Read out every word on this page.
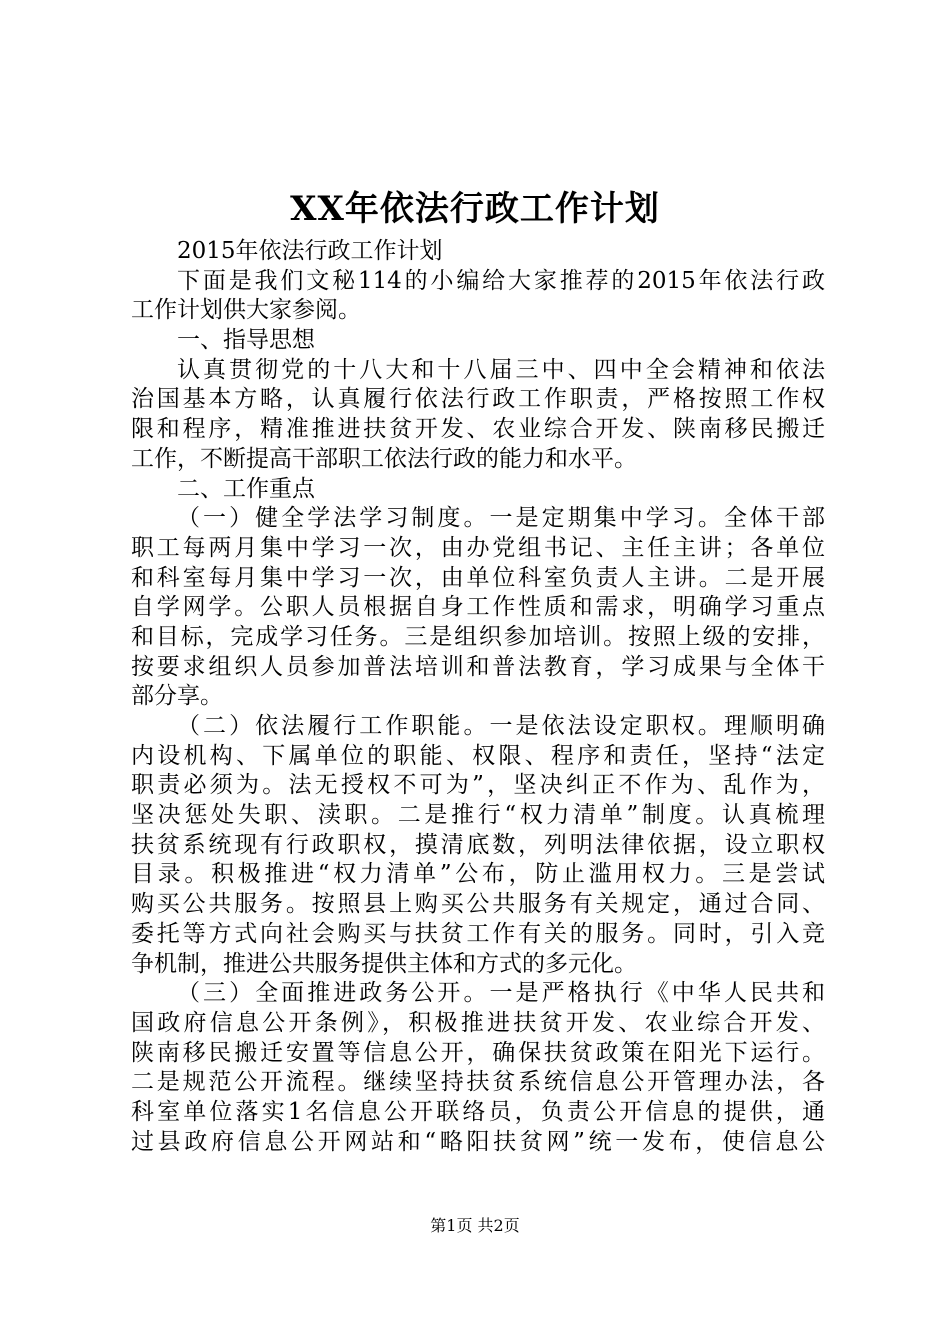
XX年依法行政工作计划
2015年依法行政工作计划
下面是我们文秘114的小编给大家推荐的2015年依法行政
工作计划供大家参阅。
一、指导思想
认真贯彻党的十八大和十八届三中、四中全会精神和依法
治国基本方略，认真履行依法行政工作职责，严格按照工作权
限和程序，精准推进扶贫开发、农业综合开发、陕南移民搬迁
工作，不断提高干部职工依法行政的能力和水平。
二、工作重点
（一）健全学法学习制度。一是定期集中学习。全体干部
职工每两月集中学习一次，由办党组书记、主任主讲；各单位
和科室每月集中学习一次，由单位科室负责人主讲。二是开展
自学网学。公职人员根据自身工作性质和需求，明确学习重点
和目标，完成学习任务。三是组织参加培训。按照上级的安排，
按要求组织人员参加普法培训和普法教育，学习成果与全体干
部分享。
（二）依法履行工作职能。一是依法设定职权。理顺明确
内设机构、下属单位的职能、权限、程序和责任，坚持“法定
职责必须为。法无授权不可为”，坚决纠正不作为、乱作为，
坚决惩处失职、渎职。二是推行“权力清单”制度。认真梳理
扶贫系统现有行政职权，摸清底数，列明法律依据，设立职权
目录。积极推进“权力清单”公布，防止滥用权力。三是尝试
购买公共服务。按照县上购买公共服务有关规定，通过合同、
委托等方式向社会购买与扶贫工作有关的服务。同时，引入竞
争机制，推进公共服务提供主体和方式的多元化。
（三）全面推进政务公开。一是严格执行《中华人民共和
国政府信息公开条例》，积极推进扶贫开发、农业综合开发、
陕南移民搬迁安置等信息公开，确保扶贫政策在阳光下运行。
二是规范公开流程。继续坚持扶贫系统信息公开管理办法，各
科室单位落实1名信息公开联络员，负责公开信息的提供，通
过县政府信息公开网站和“略阳扶贫网”统一发布，使信息公
第1页 共2页
